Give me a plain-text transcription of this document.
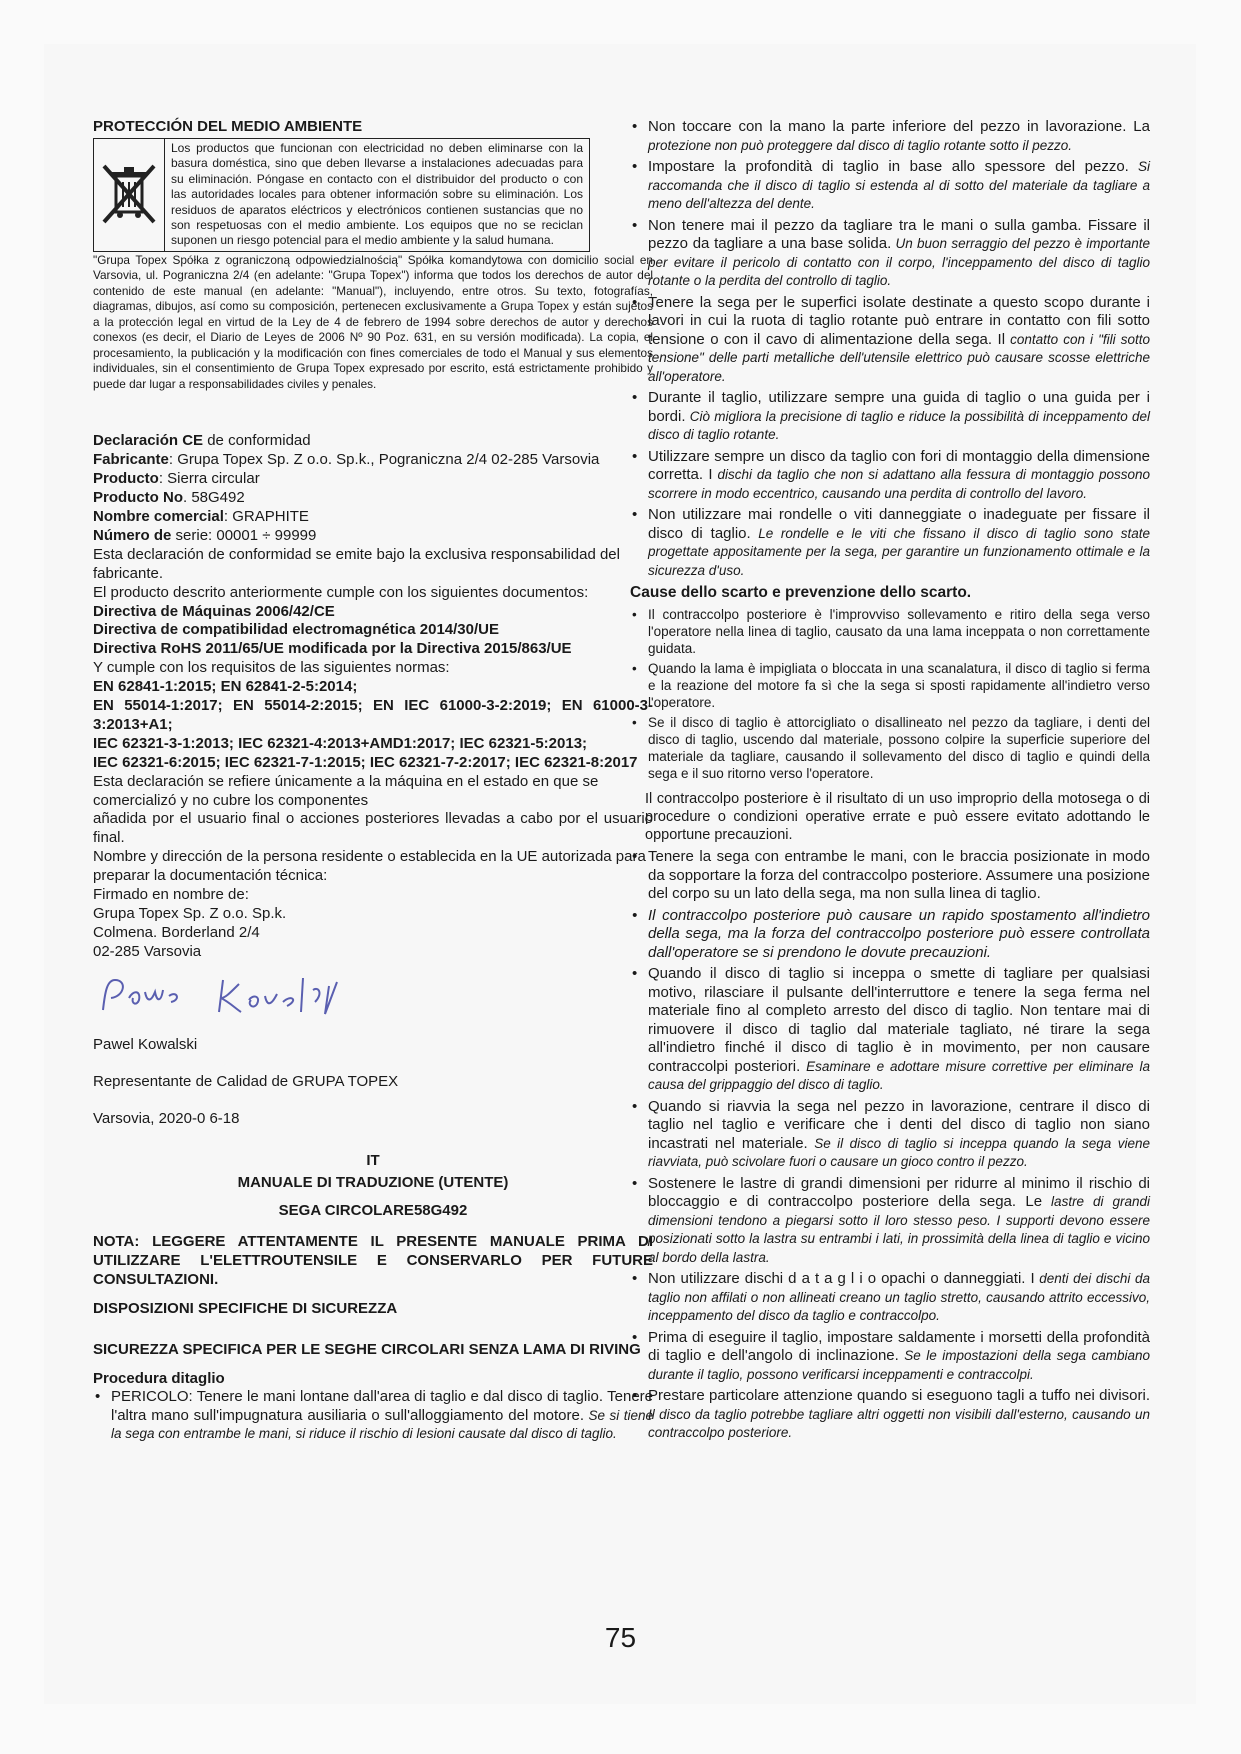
PROTECCIÓN DEL MEDIO AMBIENTE
Los productos que funcionan con electricidad no deben eliminarse con la basura doméstica, sino que deben llevarse a instalaciones adecuadas para su eliminación. Póngase en contacto con el distribuidor del producto o con las autoridades locales para obtener información sobre su eliminación. Los residuos de aparatos eléctricos y electrónicos contienen sustancias que no son respetuosas con el medio ambiente. Los equipos que no se reciclan suponen un riesgo potencial para el medio ambiente y la salud humana.

"Grupa Topex Spółka z ograniczoną odpowiedzialnością" Spółka komandytowa con domicilio social en Varsovia, ul. Pograniczna 2/4 (en adelante: "Grupa Topex") informa que todos los derechos de autor del contenido de este manual (en adelante: "Manual"), incluyendo, entre otros. Su texto, fotografías, diagramas, dibujos, así como su composición, pertenecen exclusivamente a Grupa Topex y están sujetos a la protección legal en virtud de la Ley de 4 de febrero de 1994 sobre derechos de autor y derechos conexos (es decir, el Diario de Leyes de 2006 Nº 90 Poz. 631, en su versión modificada). La copia, el procesamiento, la publicación y la modificación con fines comerciales de todo el Manual y sus elementos individuales, sin el consentimiento de Grupa Topex expresado por escrito, está estrictamente prohibido y puede dar lugar a responsabilidades civiles y penales.

Declaración CE de conformidad

Fabricante: Grupa Topex Sp. Z o.o. Sp.k., Pograniczna 2/4 02-285 Varsovia

Producto: Sierra circular

Producto No. 58G492

Nombre comercial: GRAPHITE

Número de serie: 00001 ÷ 99999

Esta declaración de conformidad se emite bajo la exclusiva responsabilidad del fabricante.

El producto descrito anteriormente cumple con los siguientes documentos:

Directiva de Máquinas 2006/42/CE

Directiva de compatibilidad electromagnética 2014/30/UE

Directiva RoHS 2011/65/UE modificada por la Directiva 2015/863/UE

Y cumple con los requisitos de las siguientes normas:

EN 62841-1:2015; EN 62841-2-5:2014;

EN 55014-1:2017; EN 55014-2:2015; EN IEC 61000-3-2:2019; EN 61000-3-3:2013+A1;

IEC 62321-3-1:2013; IEC 62321-4:2013+AMD1:2017; IEC 62321-5:2013;

IEC 62321-6:2015; IEC 62321-7-1:2015; IEC 62321-7-2:2017; IEC 62321-8:2017

Esta declaración se refiere únicamente a la máquina en el estado en que se comercializó y no cubre los componentes

añadida por el usuario final o acciones posteriores llevadas a cabo por el usuario final.

Nombre y dirección de la persona residente o establecida en la UE autorizada para preparar la documentación técnica:

Firmado en nombre de:

Grupa Topex Sp. Z o.o. Sp.k.

Colmena. Borderland 2/4

02-285 Varsovia

Pawel Kowalski

Representante de Calidad de GRUPA TOPEX

Varsovia, 2020-0 6-18

IT

MANUALE DI TRADUZIONE (UTENTE)

SEGA CIRCOLARE58G492

NOTA: LEGGERE ATTENTAMENTE IL PRESENTE MANUALE PRIMA DI UTILIZZARE L'ELETTROUTENSILE E CONSERVARLO PER FUTURE CONSULTAZIONI.

DISPOSIZIONI SPECIFICHE DI SICUREZZA

SICUREZZA SPECIFICA PER LE SEGHE CIRCOLARI SENZA LAMA DI RIVING

Procedura ditaglio

• PERICOLO: Tenere le mani lontane dall'area di taglio e dal disco di taglio. Tenere l'altra mano sull'impugnatura ausiliaria o sull'alloggiamento del motore. Se si tiene la sega con entrambe le mani, si riduce il rischio di lesioni causate dal disco di taglio.
• Non toccare con la mano la parte inferiore del pezzo in lavorazione. La protezione non può proteggere dal disco di taglio rotante sotto il pezzo.
• Impostare la profondità di taglio in base allo spessore del pezzo. Si raccomanda che il disco di taglio si estenda al di sotto del materiale da tagliare a meno dell'altezza del dente.
• Non tenere mai il pezzo da tagliare tra le mani o sulla gamba. Fissare il pezzo da tagliare a una base solida. Un buon serraggio del pezzo è importante per evitare il pericolo di contatto con il corpo, l'inceppamento del disco di taglio rotante o la perdita del controllo di taglio.
• Tenere la sega per le superfici isolate destinate a questo scopo durante i lavori in cui la ruota di taglio rotante può entrare in contatto con fili sotto tensione o con il cavo di alimentazione della sega. Il contatto con i "fili sotto tensione" delle parti metalliche dell'utensile elettrico può causare scosse elettriche all'operatore.
• Durante il taglio, utilizzare sempre una guida di taglio o una guida per i bordi. Ciò migliora la precisione di taglio e riduce la possibilità di inceppamento del disco di taglio rotante.
• Utilizzare sempre un disco da taglio con fori di montaggio della dimensione corretta. I dischi da taglio che non si adattano alla fessura di montaggio possono scorrere in modo eccentrico, causando una perdita di controllo del lavoro.
• Non utilizzare mai rondelle o viti danneggiate o inadeguate per fissare il disco di taglio. Le rondelle e le viti che fissano il disco di taglio sono state progettate appositamente per la sega, per garantire un funzionamento ottimale e la sicurezza d'uso.

Cause dello scarto e prevenzione dello scarto.

• Il contraccolpo posteriore è l'improvviso sollevamento e ritiro della sega verso l'operatore nella linea di taglio, causato da una lama inceppata o non correttamente guidata.
• Quando la lama è impigliata o bloccata in una scanalatura, il disco di taglio si ferma e la reazione del motore fa sì che la sega si sposti rapidamente all'indietro verso l'operatore.
• Se il disco di taglio è attorcigliato o disallineato nel pezzo da tagliare, i denti del disco di taglio, uscendo dal materiale, possono colpire la superficie superiore del materiale da tagliare, causando il sollevamento del disco di taglio e quindi della sega e il suo ritorno verso l'operatore.

Il contraccolpo posteriore è il risultato di un uso improprio della motosega o di procedure o condizioni operative errate e può essere evitato adottando le opportune precauzioni.

• Tenere la sega con entrambe le mani, con le braccia posizionate in modo da sopportare la forza del contraccolpo posteriore. Assumere una posizione del corpo su un lato della sega, ma non sulla linea di taglio.
• Il contraccolpo posteriore può causare un rapido spostamento all'indietro della sega, ma la forza del contraccolpo posteriore può essere controllata dall'operatore se si prendono le dovute precauzioni.
• Quando il disco di taglio si inceppa o smette di tagliare per qualsiasi motivo, rilasciare il pulsante dell'interruttore e tenere la sega ferma nel materiale fino al completo arresto del disco di taglio. Non tentare mai di rimuovere il disco di taglio dal materiale tagliato, né tirare la sega all'indietro finché il disco di taglio è in movimento, per non causare contraccolpi posteriori. Esaminare e adottare misure correttive per eliminare la causa del grippaggio del disco di taglio.
• Quando si riavvia la sega nel pezzo in lavorazione, centrare il disco di taglio nel taglio e verificare che i denti del disco di taglio non siano incastrati nel materiale. Se il disco di taglio si inceppa quando la sega viene riavviata, può scivolare fuori o causare un gioco contro il pezzo.
• Sostenere le lastre di grandi dimensioni per ridurre al minimo il rischio di bloccaggio e di contraccolpo posteriore della sega. Le lastre di grandi dimensioni tendono a piegarsi sotto il loro stesso peso. I supporti devono essere posizionati sotto la lastra su entrambi i lati, in prossimità della linea di taglio e vicino al bordo della lastra.
• Non utilizzare dischi d a t a g l i o opachi o danneggiati. I denti dei dischi da taglio non affilati o non allineati creano un taglio stretto, causando attrito eccessivo, inceppamento del disco da taglio e contraccolpo.
• Prima di eseguire il taglio, impostare saldamente i morsetti della profondità di taglio e dell'angolo di inclinazione. Se le impostazioni della sega cambiano durante il taglio, possono verificarsi inceppamenti e contraccolpi.
• Prestare particolare attenzione quando si eseguono tagli a tuffo nei divisori. Il disco da taglio potrebbe tagliare altri oggetti non visibili dall'esterno, causando un contraccolpo posteriore.
75
